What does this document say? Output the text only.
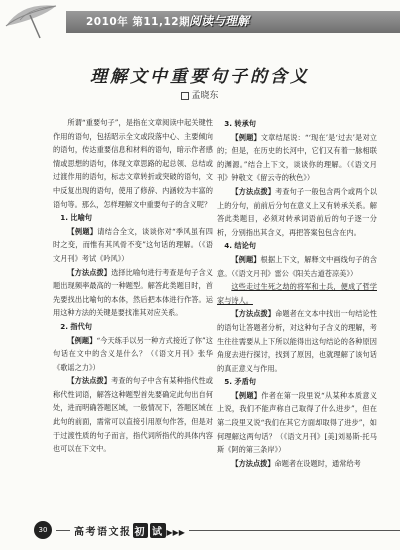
2010年 第11,12期
阅读与理解
理解文中重要句子的含义
孟晓东

所谓“重要句子”，是指在文章阅读中起关键性作用的语句，包括昭示全文或段落中心、主要倾向的语句，传达重要信息和材料的语句，暗示作者感情或思想的语句，体现文章思路的起总领、总结或过渡作用的语句，标志文章转折或突破的语句，文中反复出现的语句，使用了修辞、内涵较为丰富的语句等。那么，怎样理解文中重要句子的含义呢？

1. 比喻句

【例题】请结合全文，谈谈你对“季风虽有四时之变，而惟有其风骨不变”这句话的理解。（《语文月刊》考试《吟风》）

【方法点拨】选择比喻句进行考查是句子含义题出现频率最高的一种题型。解答此类题目时，首先要找出比喻句的本体，然后把本体进行作答。运用这种方法的关键是要找准其对应关系。

2. 指代句

【例题】“今天练手以另一种方式接近了你”这句话在文中的含义是什么？（《语文月刊》张华《歌谣之力》）

【方法点拨】考查的句子中含有某种指代性或称代性词语，解答这种题型首先要确定此句出自何处，进而明确答题区域，一般情况下，答题区域在此句的前面，需常可以直接引用原句作答，但是对于过渡性质的句子而言，指代词所指代的具体内容也可以在下文中。

3. 转承句

【例题】文章结尾说：“‘现在’是‘过去’是对立的；但是，在历史的长河中，它们又有着一脉相联的渊源。”结合上下文，谈谈你的理解。（《语文月刊》钟敬文《留云寺的秋色》）

【方法点拨】考查句子一般包含两个或两个以上的分句，前前后分句在意义上又有转承关系。解答此类题目，必须对转承词语前后的句子逐一分析，分别指出其含义，再把答案包包含在内。

4. 结论句

【例题】根据上下文，解释文中画线句子的含意。（《语文月刊》雷公《阳关古道苍凉美》）

这些走过生死之劫的将军和士兵，便成了哲学家与诗人。

【方法点拨】命题者在文本中找出一句结论性的语句让答题者分析，对这种句子含义的理解，考生往往需要从上下所以能得出这句结论的各种原因角度去进行探讨，找到了原因，也就理解了该句话的真正意义与作用。

5. 矛盾句

【例题】作者在第一段里说“从某种本质意义上说，我们不能声称自己取得了什么进步”，但在第二段里又说“我们在其它方面却取得了进步”，如何理解这两句话？（《语文月刊》[美]刘易斯·托马斯《阿的第三条岸》）

【方法点拨】命题者在设题时，通常给考

30	高考语文报 初 试 ▶▶▶
